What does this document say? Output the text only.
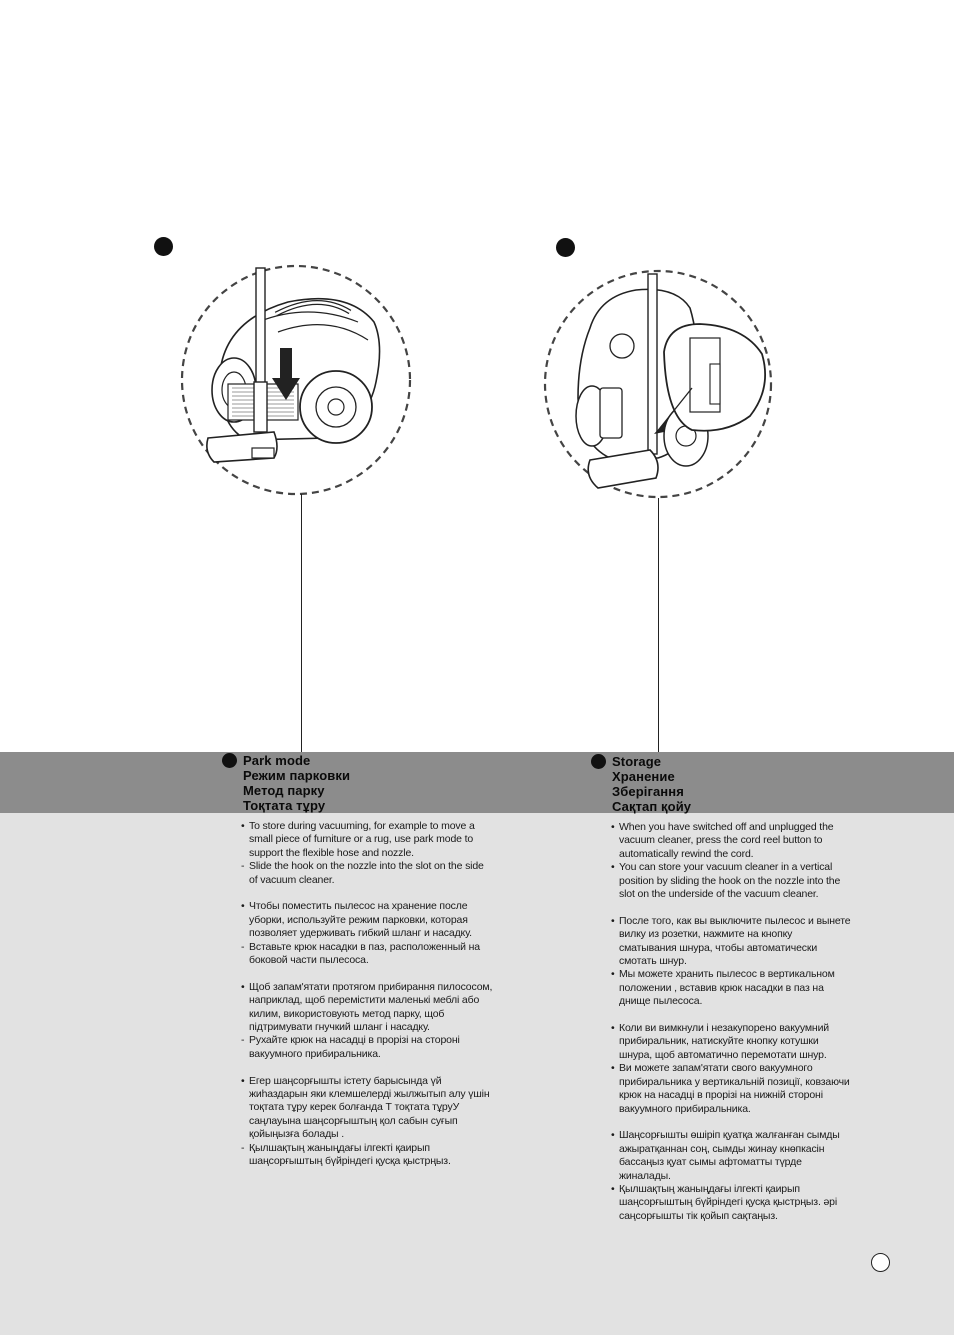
Park mode
Режим парковки
Метод парку
Тоқтата тұру
Storage
Хранение
Зберігання
Сақтап қойу

• To store during vacuuming, for example to move a small piece of furniture or a rug, use park mode to support the flexible hose and nozzle.

- Slide the hook on the nozzle into the slot on the side of vacuum cleaner.

• Чтобы поместить пылесос на хранение после уборки, используйте режим парковки, которая позволяет удерживать гибкий шланг и насадку.

- Вставьте крюк насадки в паз, расположенный на боковой части пылесоса.

• Щоб запам'ятати протягом прибирання пилососом, наприклад, щоб перемістити маленькі меблі або килим, використовують метод парку, щоб підтримувати гнучкий шланг і насадку.

- Рухайте крюк на насадці в прорізі на стороні вакуумного прибиральника.

• Егер шаңсорғышты істету барысында үй жиһаздарын яки клемшелерді жылжытып алу үшін тоқтата тұру керек болғанда Т тоқтата тұруУ саңлауына шаңсорғыштың қол сабын суғып қойыңызға болады .

- Қылшақтың жаныңдағы ілгекті қаирып шаңсорғыштың бүйріндегі қусқа қыстрңыз.

• When you have switched off and unplugged the vacuum cleaner, press the cord reel button to automatically rewind the cord.

• You can store your vacuum cleaner in a vertical position by sliding the hook on the nozzle into the slot on the underside of the vacuum cleaner.

• После того, как вы выключите пылесос и вынете вилку из розетки, нажмите на кнопку сматывания шнура, чтобы автоматически смотать шнур.

• Мы можете хранить пылесос в вертикальном положении , вставив крюк насадки в паз на днище пылесоса.

• Коли ви вимкнули і незакупорено вакуумний прибиральник, натискуйте кнопку котушки шнура, щоб автоматично перемотати шнур.

• Ви можете запам'ятати свого вакуумного прибиральника у вертикальній позиції, ковзаючи крюк на насадці в прорізі на нижній стороні вакуумного прибиральника.

• Шаңсорғышты өшіріп қуатқа жалғанған сымды ажыратқаннан соң, сымды жинау кнөпкасін бассаңыз қуат сымы афтоматты түрде жиналады.

• Қылшақтың жаныңдағы ілгекті қаирып шаңсорғыштың бүйріндегі қусқа қыстрңыз. әрі саңсорғышты тік қойып сақтаңыз.
